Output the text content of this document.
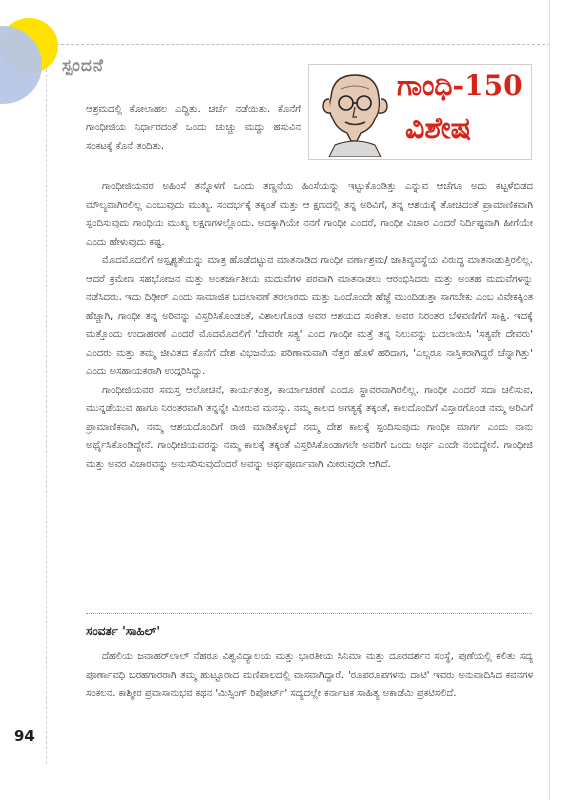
ಸ್ಪಂದನೆ
ಗಾಂಧಿ-150
ವಿಶೇಷ
ಆಶ್ರಮದಲ್ಲಿ ಕೋಲಾಹಲ ಎದ್ದಿತು. ಚರ್ಚೆ ನಡೆಯಿತು. ಕೊನೆಗೆ ಗಾಂಧೀಜಿಯ ನಿರ್ಧಾರದಂತೆ ಒಂದು ಚುಚ್ಚು ಮದ್ದು ಹಸುವಿನ ಸಂಕಟಕ್ಕೆ ಕೊನೆ ತಂದಿತು.

ಗಾಂಧೀಜಿಯವರ ಅಹಿಂಸೆ ತನ್ನೊಳಗೆ ಒಂದು ತಣ್ಣನೆಯ ಹಿಂಸೆಯನ್ನು ಇಟ್ಟುಕೊಂಡಿತ್ತು ಎನ್ನುವ ಆಚೆಗೂ ಅದು ಕಟ್ಟಳೆಬಿಡದ ಮೌಲ್ಯವಾಗಿರಲಿಲ್ಲ ಎಂಬುವುದು ಮುಖ್ಯ. ಸಂದರ್ಭಕ್ಕೆ ತಕ್ಕಂತೆ ಮತ್ತು ಆ ಕ್ಷಣದಲ್ಲಿ ತನ್ನ ಅರಿವಿಗೆ, ತನ್ನ ಆಶಯಕ್ಕೆ ತೋಚಿದಂತೆ ಪ್ರಾಮಾಣಿಕವಾಗಿ ಸ್ಪಂದಿಸುವುದು ಗಾಂಧಿಯ ಮುಖ್ಯ ಲಕ್ಷಣಗಳಲ್ಲೊಂದು. ಅದಕ್ಕಾಗಿಯೇ ನನಗೆ ಗಾಂಧೀ ಎಂದರೆ, ಗಾಂಧೀ ವಿಚಾರ ಎಂದರೆ ನಿರ್ದಿಷ್ಟವಾಗಿ ಹೀಗೆಯೇ ಎಂದು ಹೇಳುವುದು ಕಷ್ಟ.

ಮೊದಮೊದಲಿಗೆ ಅಸ್ಪೃಶ್ಯತೆಯನ್ನು ಮಾತ್ರ ಹೊಡೆದಟ್ಟುವ ಮಾತನಾಡಿದ ಗಾಂಧೀ ವರ್ಣಾಶ್ರಮ/ ಜಾತಿವ್ಯವಸ್ಥೆಯ ವಿರುದ್ಧ ಮಾತನಾಡುತ್ತಿರಲಿಲ್ಲ. ಆದರೆ ಕ್ರಮೇಣ ಸಹಭೋಜನ ಮತ್ತು ಅಂತರ್ಜಾತೀಯ ಮದುವೆಗಳ ಪರವಾಗಿ ಮಾತನಾಡಲು ಆರಂಭಿಸಿದರು ಮತ್ತು ಅಂತಹ ಮದುವೆಗಳನ್ನು ನಡೆಸಿದರು. ಇದು ದಿಢೀರ್ ಎಂದು ಸಾಮಾಜಿಕ ಬದಲಾವಣೆ ತರಲಾರದು ಮತ್ತು ಒಂದೊಂದೇ ಹೆಜ್ಜೆ ಮುಂದಿಡುತ್ತಾ ಸಾಗಬೇಕು ಎಂಬ ವಿವೇಕಕ್ಕಿಂತ ಹೆಚ್ಚಾಗಿ, ಗಾಂಧೀ ತನ್ನ ಅರಿವನ್ನು ವಿಸ್ತರಿಸಿಕೊಂಡಂತೆ, ವಿಶಾಲಗೊಂಡ ಅವರ ಆಶಯದ ಸಂಕೇತ. ಅವರ ನಿರಂತರ ಬೆಳವಣಿಗೆಗೆ ಸಾಕ್ಷಿ. ಇದಕ್ಕೆ ಮತ್ತೊಂದು ಉದಾಹರಣೆ ಎಂದರೆ ಮೊದಮೊದಲಿಗೆ 'ದೇವರೇ ಸತ್ಯ' ಎಂದ ಗಾಂಧೀ ಮತ್ತೆ ತನ್ನ ನಿಲುವನ್ನು ಬದಲಾಯಿಸಿ 'ಸತ್ಯವೇ ದೇವರು' ಎಂದರು ಮತ್ತು ತಮ್ಮ ಜೀವಿತದ ಕೊನೆಗೆ ದೇಶ ವಿಭಜನೆಯ ಪರಿಣಾಮವಾಗಿ ನೆತ್ತರ ಹೊಳೆ ಹರಿದಾಗ, 'ಎಲ್ಲರೂ ನಾಸ್ತಿಕರಾಗಿದ್ದರೆ ಚೆನ್ನಾಗಿತ್ತು' ಎಂದು ಅಸಹಾಯಕರಾಗಿ ಉದ್ಗರಿಸಿದ್ದು.

ಗಾಂಧೀಜಿಯವರ ಸಮಸ್ತ ಆಲೋಚನೆ, ಕಾರ್ಯತಂತ್ರ, ಕಾರ್ಯಾಚರಣೆ ಎಂದೂ ಸ್ಥಾವರವಾಗಿರಲಿಲ್ಲ. ಗಾಂಧೀ ಎಂದರೆ ಸದಾ ಚಲಿಸುವ, ಮುನ್ನಡೆಯುವ ಹಾಗೂ ನಿರಂತರವಾಗಿ ತನ್ನನ್ನೇ ಮೀರುವ ಮನಸ್ಸು. ನಮ್ಮ ಕಾಲದ ಅಗತ್ಯಕ್ಕೆ ತಕ್ಕಂತೆ, ಕಾಲದೊಂದಿಗೆ ವಿಸ್ತಾರಗೊಂಡ ನಮ್ಮ ಅರಿವಿಗೆ ಪ್ರಾಮಾಣಿಕವಾಗಿ, ನಮ್ಮ ಆಶಯದೊಂದಿಗೆ ರಾಜಿ ಮಾಡಿಕೊಳ್ಳದೆ ನಮ್ಮ ದೇಶ ಕಾಲಕ್ಕೆ ಸ್ಪಂದಿಸುವುದು ಗಾಂಧೀ ಮಾರ್ಗ ಎಂದು ನಾನು ಅರ್ಥೈಸಿಕೊಂಡಿದ್ದೇನೆ. ಗಾಂಧೀಜಿಯವರನ್ನು ನಮ್ಮ ಕಾಲಕ್ಕೆ ತಕ್ಕಂತೆ ವಿಸ್ತರಿಸಿಕೊಂಡಾಗಲೇ ಅವರಿಗೆ ಒಂದು ಅರ್ಥ ಎಂದೇ ನಂಬಿದ್ದೇನೆ. ಗಾಂಧೀಜಿ ಮತ್ತು ಅವರ ವಿಚಾರವನ್ನು ಅನುಸರಿಸುವುದೆಂದರೆ ಅವನ್ನು ಅರ್ಥಪೂರ್ಣವಾಗಿ ಮೀರುವುದೇ ಆಗಿದೆ.

ಸಂವರ್ತ 'ಸಾಹಿಲ್'

ದೆಹಲಿಯ ಜವಾಹರ್‌ಲಾಲ್ ನೆಹರೂ ವಿಶ್ವವಿದ್ಯಾಲಯ ಮತ್ತು ಭಾರತೀಯ ಸಿನಿಮಾ ಮತ್ತು ದೂರದರ್ಶನ ಸಂಸ್ಥೆ, ಪುಣೆಯಲ್ಲಿ ಕಲಿತು ಸದ್ಯ ಪೂರ್ಣಾವಧಿ ಬರಹಗಾರರಾಗಿ ತಮ್ಮ ಹುಟ್ಟೂರಾದ ಮಣಿಪಾಲದಲ್ಲಿ ವಾಸವಾಗಿದ್ದಾರೆ. 'ರೂಪರೂಪಗಳನು ದಾಟಿ' ಇವರು ಅನುವಾದಿಸಿದ ಕವನಗಳ ಸಂಕಲನ. ಕಾಶ್ಮೀರ ಪ್ರವಾಸಾನುಭವ ಕಥನ 'ಮಿಸ್ಸಿಂಗ್ ರಿಪೋರ್ಟ್' ಸದ್ಯದಲ್ಲೇ ಕರ್ನಾಟಕ ಸಾಹಿತ್ಯ ಅಕಾಡೆಮಿ ಪ್ರಕಟಿಸಲಿದೆ.

94
